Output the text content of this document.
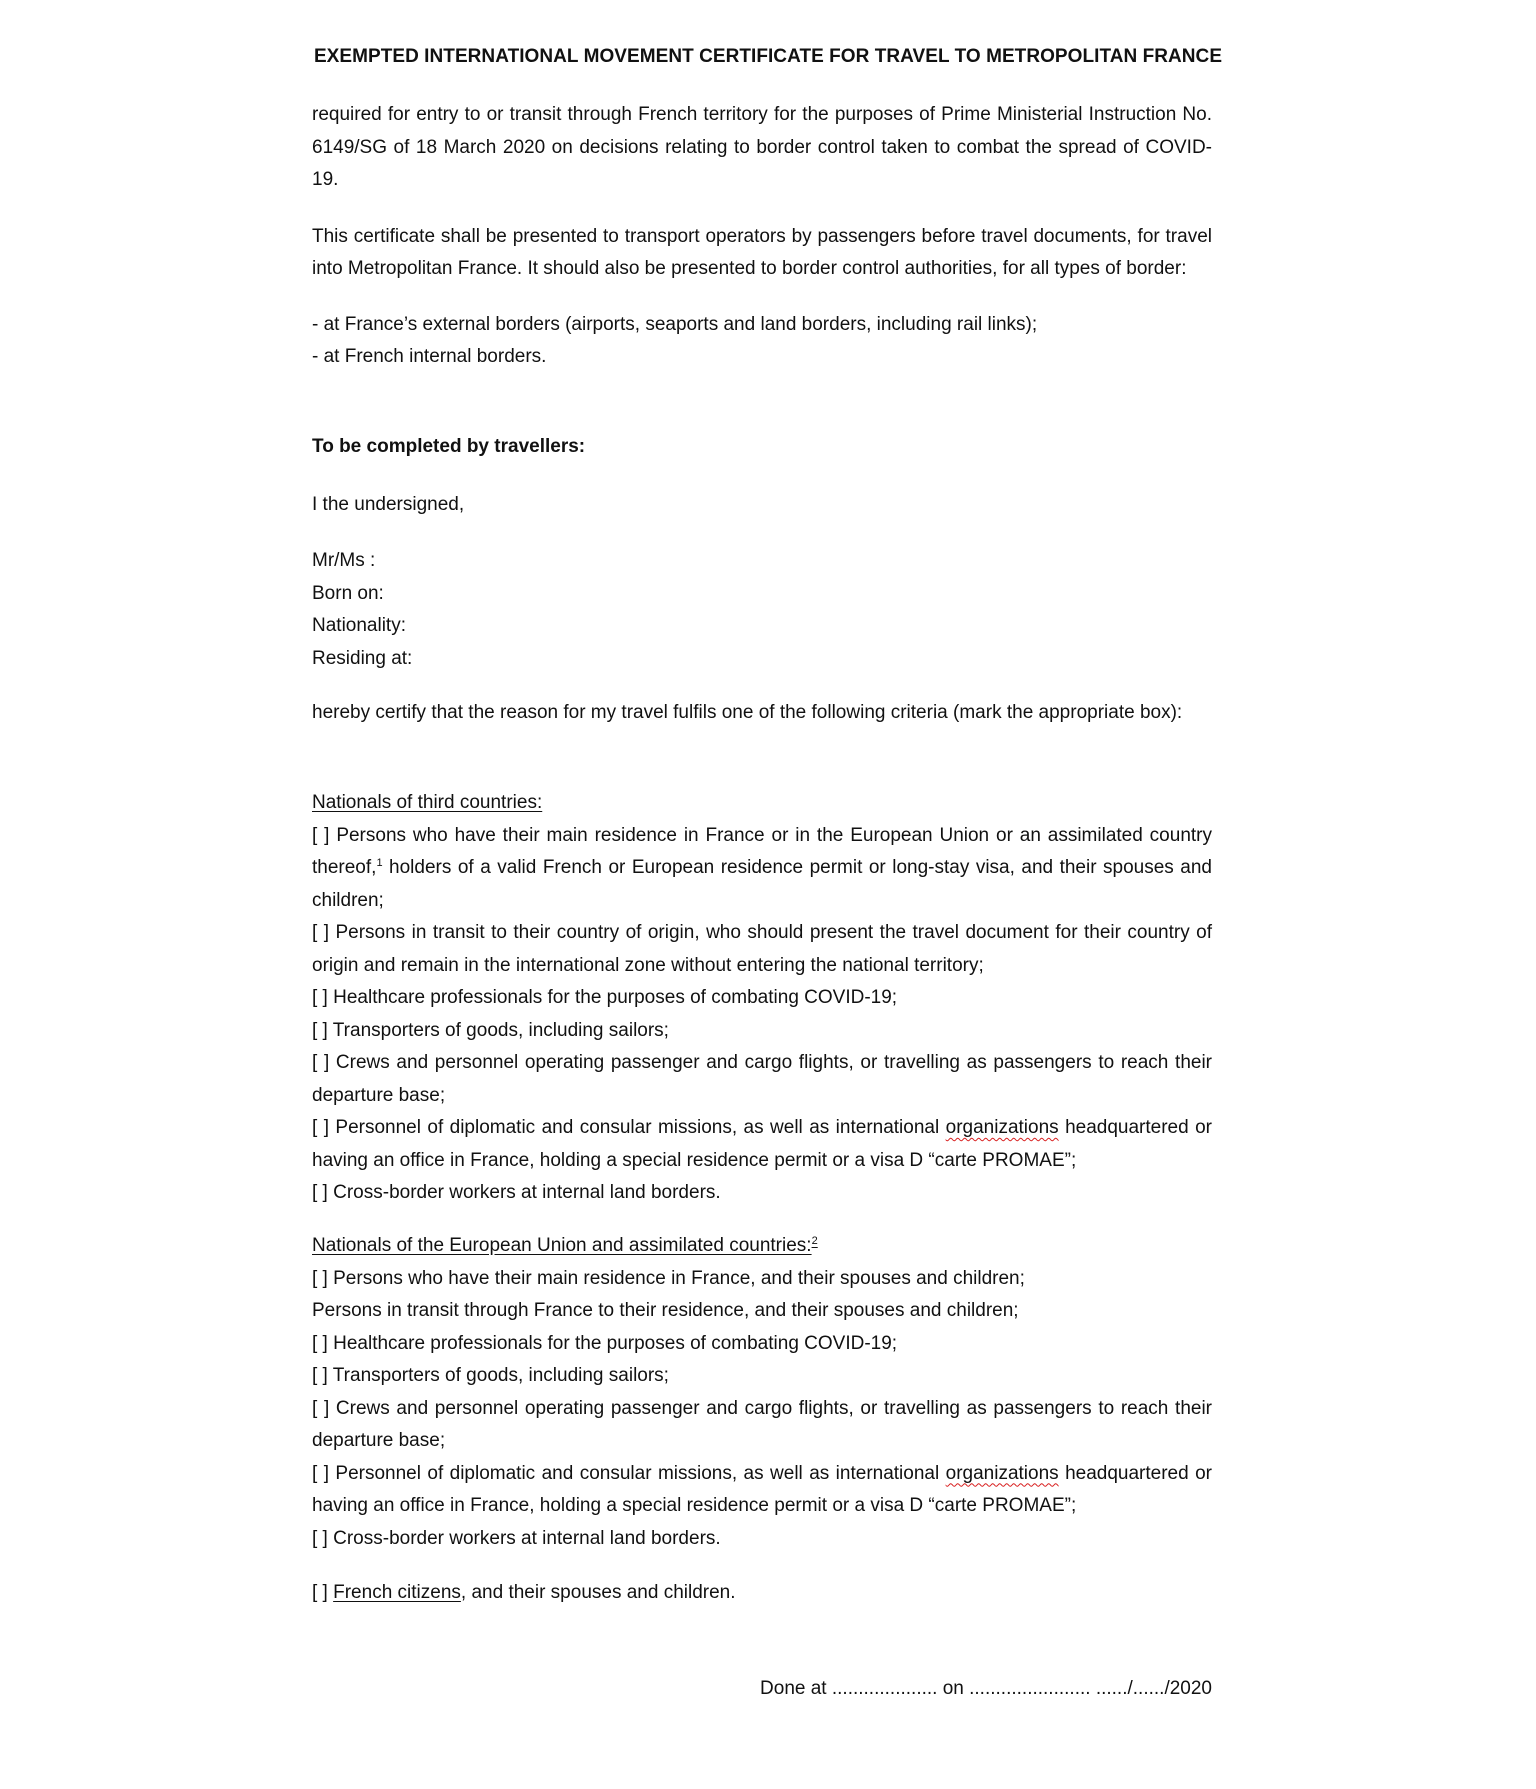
EXEMPTED INTERNATIONAL MOVEMENT CERTIFICATE FOR TRAVEL TO METROPOLITAN FRANCE

required for entry to or transit through French territory for the purposes of Prime Ministerial Instruction No. 6149/SG of 18 March 2020 on decisions relating to border control taken to combat the spread of COVID-19.

This certificate shall be presented to transport operators by passengers before travel documents, for travel into Metropolitan France. It should also be presented to border control authorities, for all types of border:

- at France’s external borders (airports, seaports and land borders, including rail links);
- at French internal borders.
To be completed by travellers:
I the undersigned,
Mr/Ms :
Born on:
Nationality:
Residing at:

hereby certify that the reason for my travel fulfils one of the following criteria (mark the appropriate box):

Nationals of third countries:
[ ] Persons who have their main residence in France or in the European Union or an assimilated country thereof,$^1$ holders of a valid French or European residence permit or long-stay visa, and their spouses and children;
[ ] Persons in transit to their country of origin, who should present the travel document for their country of origin and remain in the international zone without entering the national territory;
[ ] Healthcare professionals for the purposes of combating COVID-19;
[ ] Transporters of goods, including sailors;
[ ] Crews and personnel operating passenger and cargo flights, or travelling as passengers to reach their departure base;
[ ] Personnel of diplomatic and consular missions, as well as international organizations headquartered or having an office in France, holding a special residence permit or a visa D “carte PROMAE”;
[ ] Cross-border workers at internal land borders.
Nationals of the European Union and assimilated countries:$^2$
[ ] Persons who have their main residence in France, and their spouses and children;
Persons in transit through France to their residence, and their spouses and children;
[ ] Healthcare professionals for the purposes of combating COVID-19;
[ ] Transporters of goods, including sailors;
[ ] Crews and personnel operating passenger and cargo flights, or travelling as passengers to reach their departure base;
[ ] Personnel of diplomatic and consular missions, as well as international organizations headquartered or having an office in France, holding a special residence permit or a visa D “carte PROMAE”;
[ ] Cross-border workers at internal land borders.
[ ] French citizens, and their spouses and children.
Done at .................... on ....................... ....../....../2020
